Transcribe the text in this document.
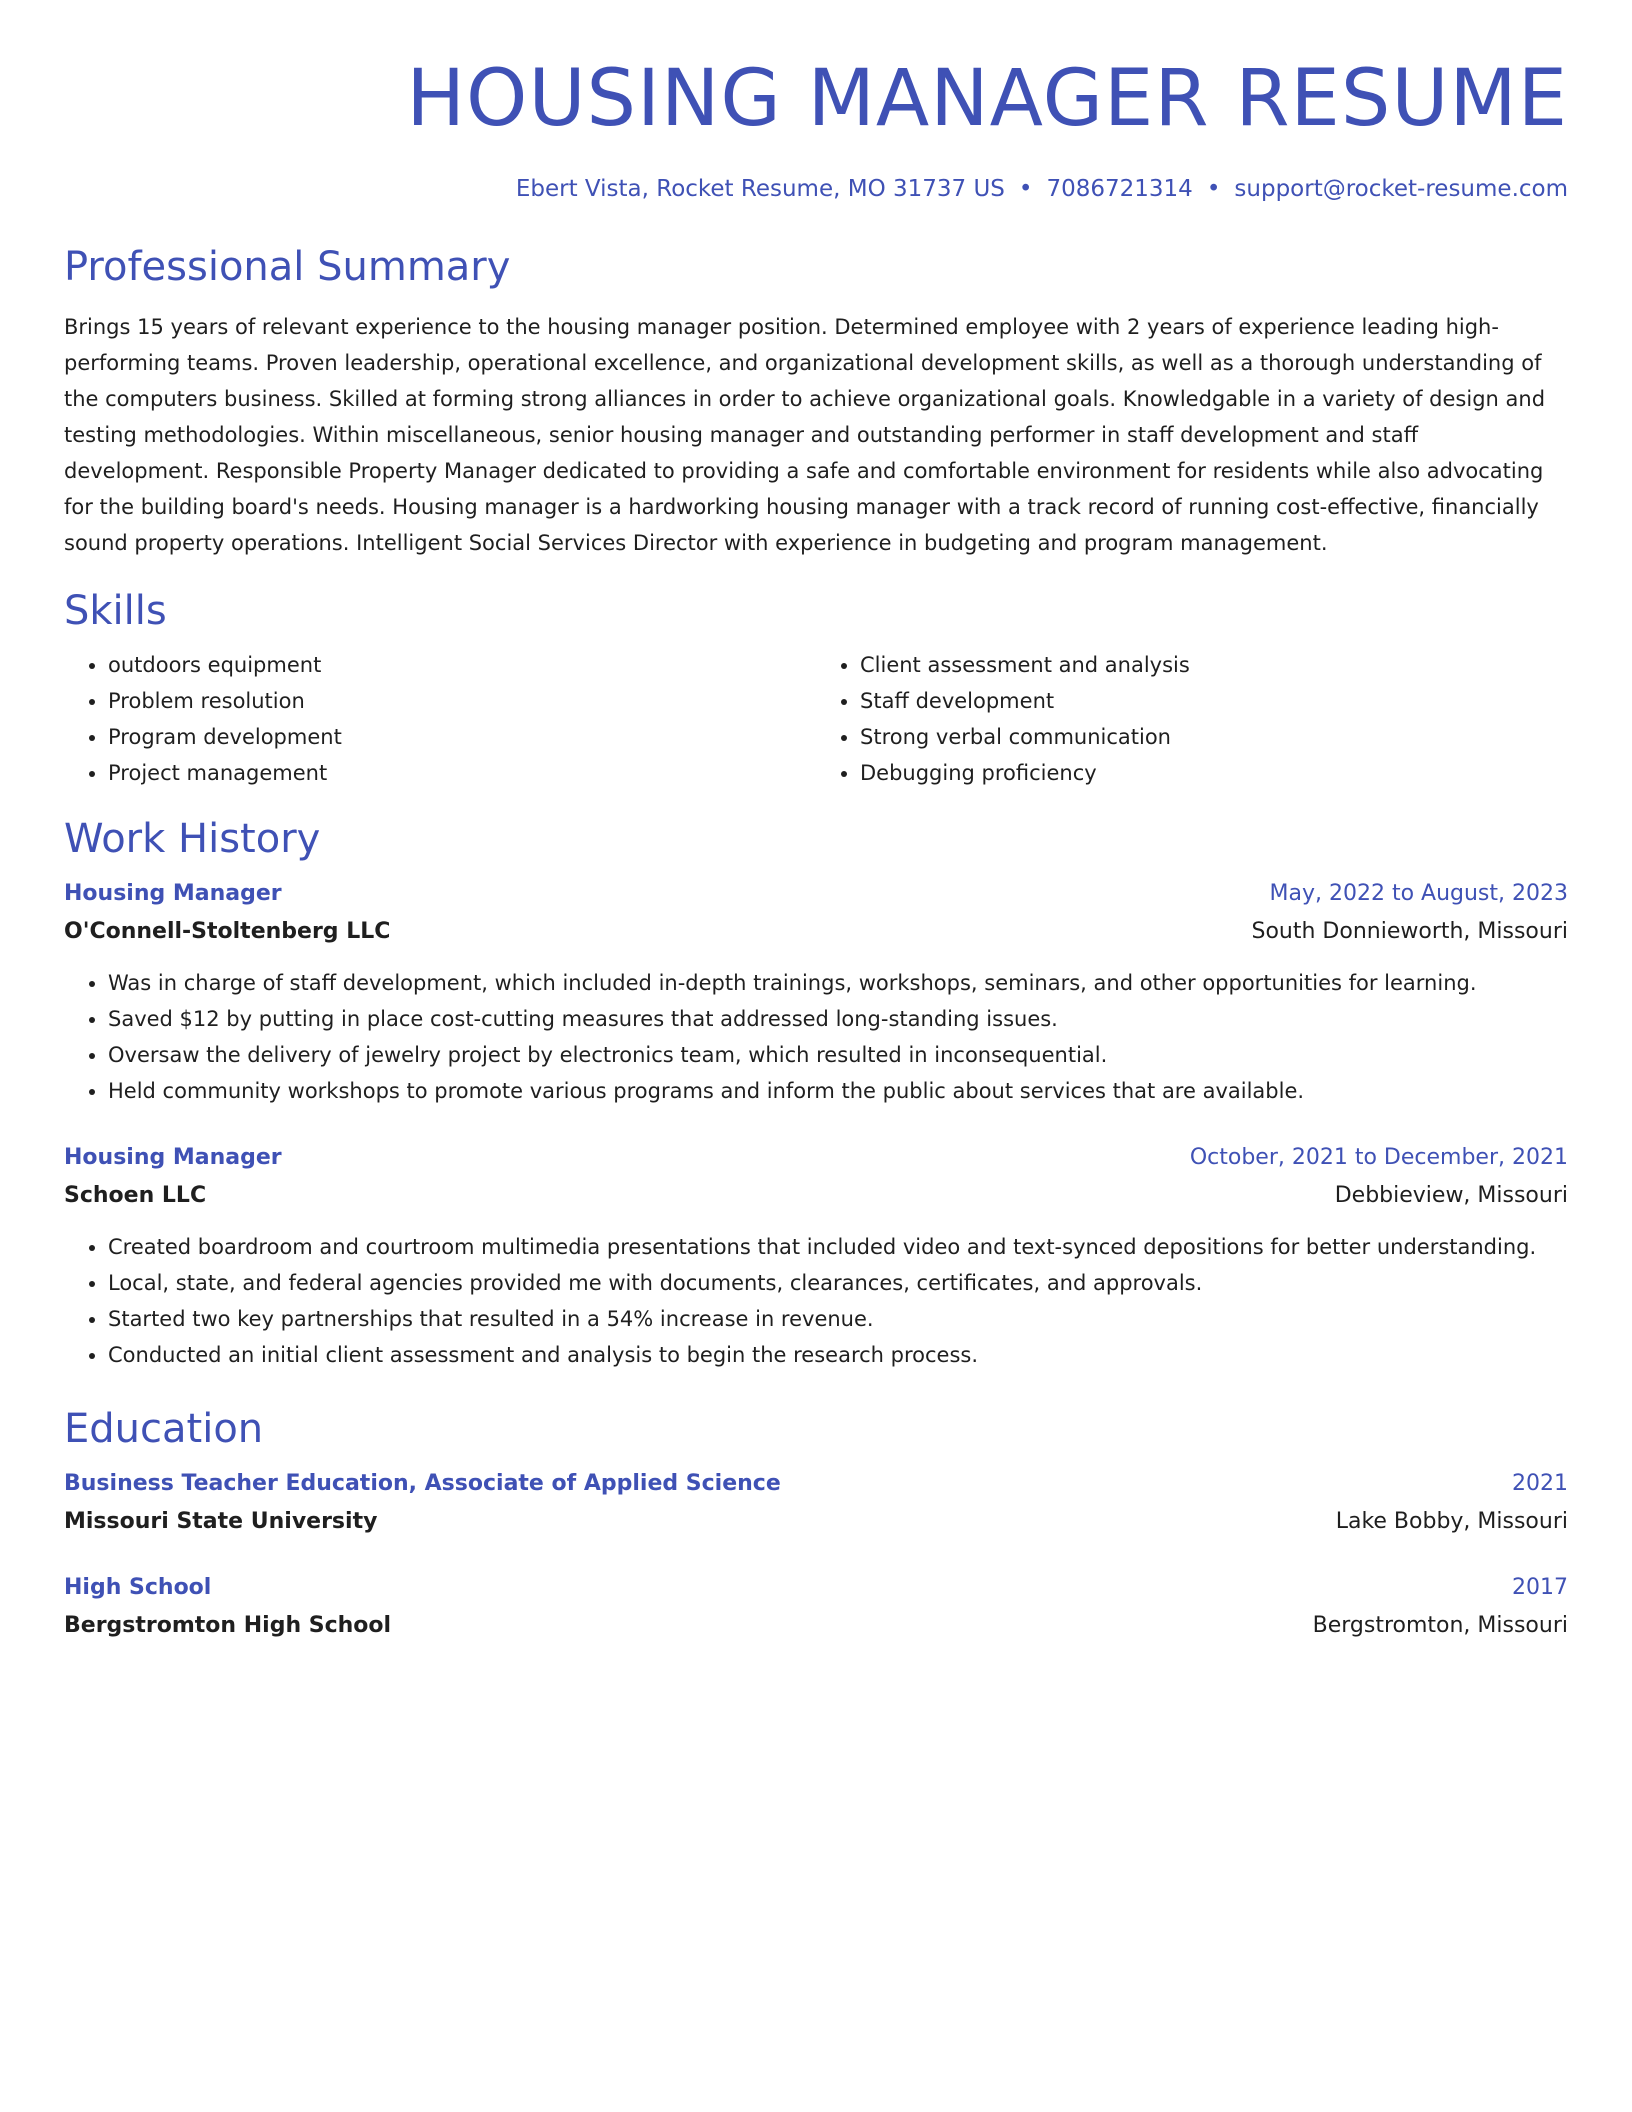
HOUSING MANAGER RESUME
Ebert Vista, Rocket Resume, MO 31737 US • 7086721314 • support@rocket-resume.com
Professional Summary

Brings 15 years of relevant experience to the housing manager position. Determined employee with 2 years of experience leading high-performing teams. Proven leadership, operational excellence, and organizational development skills, as well as a thorough understanding of the computers business. Skilled at forming strong alliances in order to achieve organizational goals. Knowledgable in a variety of design and testing methodologies. Within miscellaneous, senior housing manager and outstanding performer in staff development and staff development. Responsible Property Manager dedicated to providing a safe and comfortable environment for residents while also advocating for the building board's needs. Housing manager is a hardworking housing manager with a track record of running cost-effective, financially sound property operations. Intelligent Social Services Director with experience in budgeting and program management.

Skills
• outdoors equipment
• Problem resolution
• Program development
• Project management
• Client assessment and analysis
• Staff development
• Strong verbal communication
• Debugging proficiency
Work History
Housing Manager	May, 2022 to August, 2023
O'Connell-Stoltenberg LLC	South Donnieworth, Missouri
• Was in charge of staff development, which included in-depth trainings, workshops, seminars, and other opportunities for learning.
• Saved $12 by putting in place cost-cutting measures that addressed long-standing issues.
• Oversaw the delivery of jewelry project by electronics team, which resulted in inconsequential.
• Held community workshops to promote various programs and inform the public about services that are available.
Housing Manager	October, 2021 to December, 2021
Schoen LLC	Debbieview, Missouri
• Created boardroom and courtroom multimedia presentations that included video and text-synced depositions for better understanding.
• Local, state, and federal agencies provided me with documents, clearances, certificates, and approvals.
• Started two key partnerships that resulted in a 54% increase in revenue.
• Conducted an initial client assessment and analysis to begin the research process.
Education
Business Teacher Education, Associate of Applied Science	2021
Missouri State University	Lake Bobby, Missouri
High School	2017
Bergstromton High School	Bergstromton, Missouri
